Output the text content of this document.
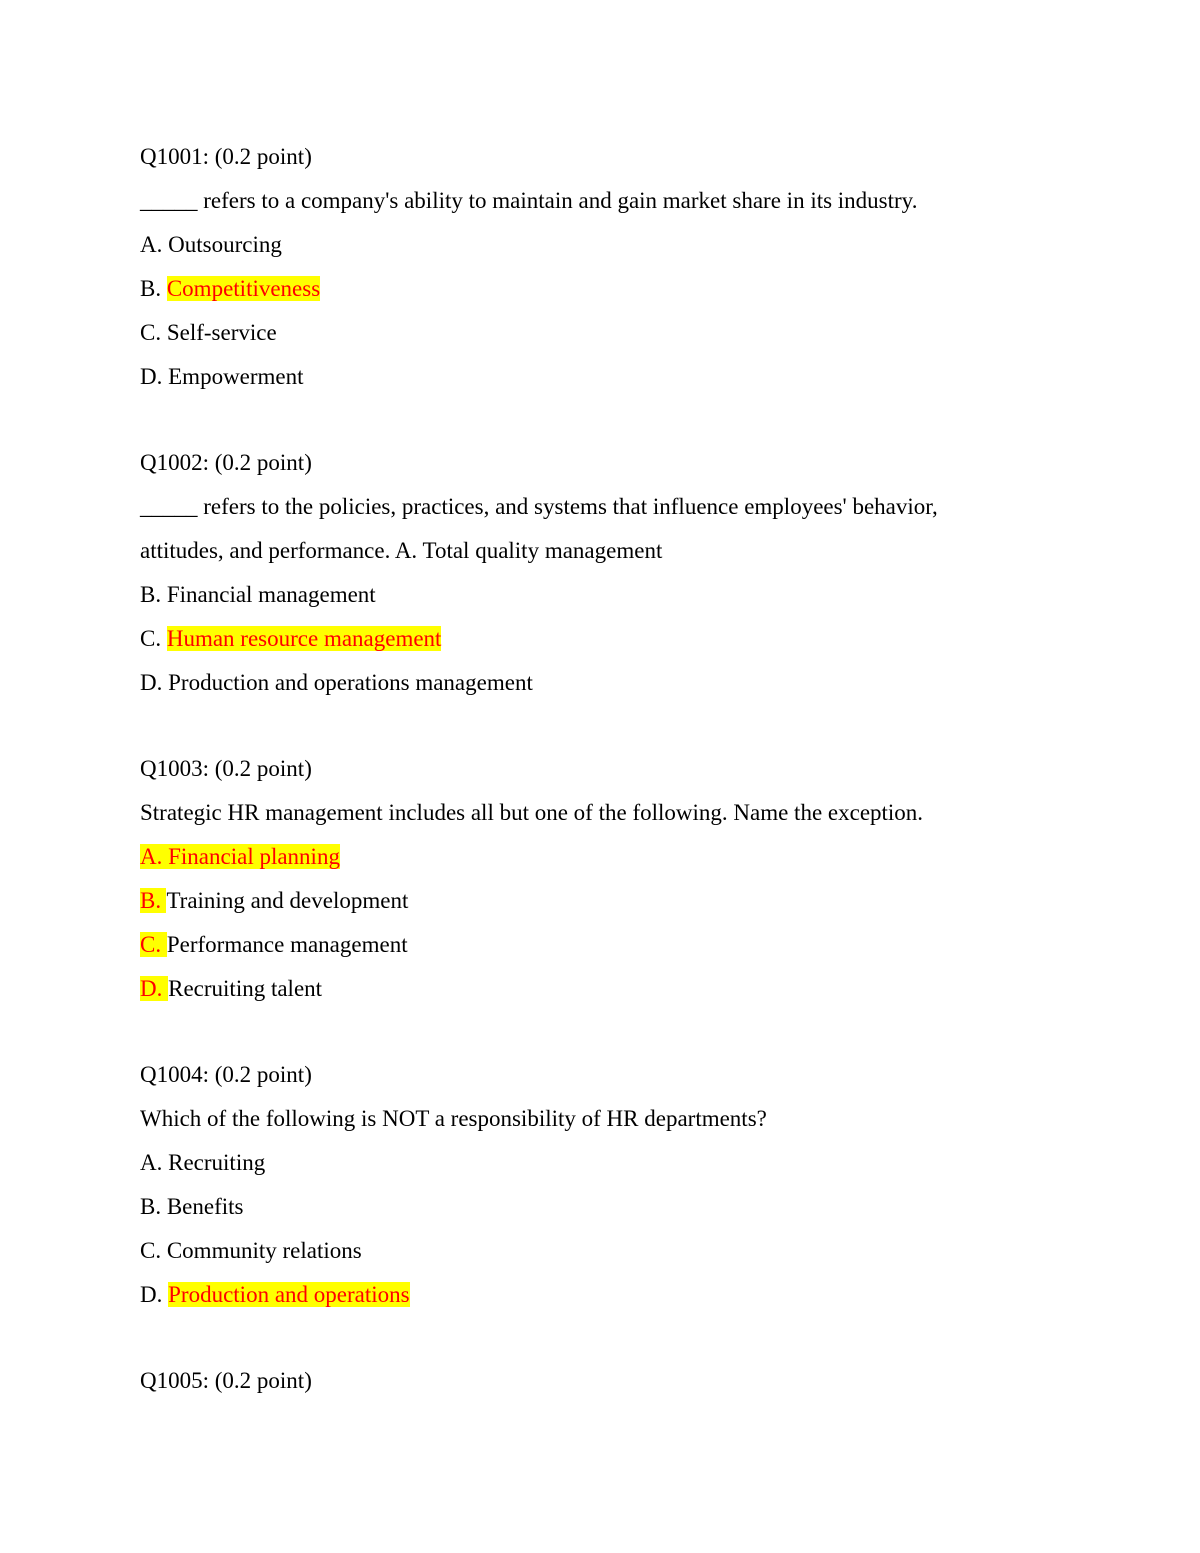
Q1001: (0.2 point)
_____ refers to a company's ability to maintain and gain market share in its industry.
A. Outsourcing
B. Competitiveness
C. Self-service
D. Empowerment
Q1002: (0.2 point)
_____ refers to the policies, practices, and systems that influence employees' behavior,
attitudes, and performance. A. Total quality management
B. Financial management
C. Human resource management
D. Production and operations management
Q1003: (0.2 point)
Strategic HR management includes all but one of the following. Name the exception.
A. Financial planning
B. Training and development
C. Performance management
D. Recruiting talent
Q1004: (0.2 point)
Which of the following is NOT a responsibility of HR departments?
A. Recruiting
B. Benefits
C. Community relations
D. Production and operations
Q1005: (0.2 point)
